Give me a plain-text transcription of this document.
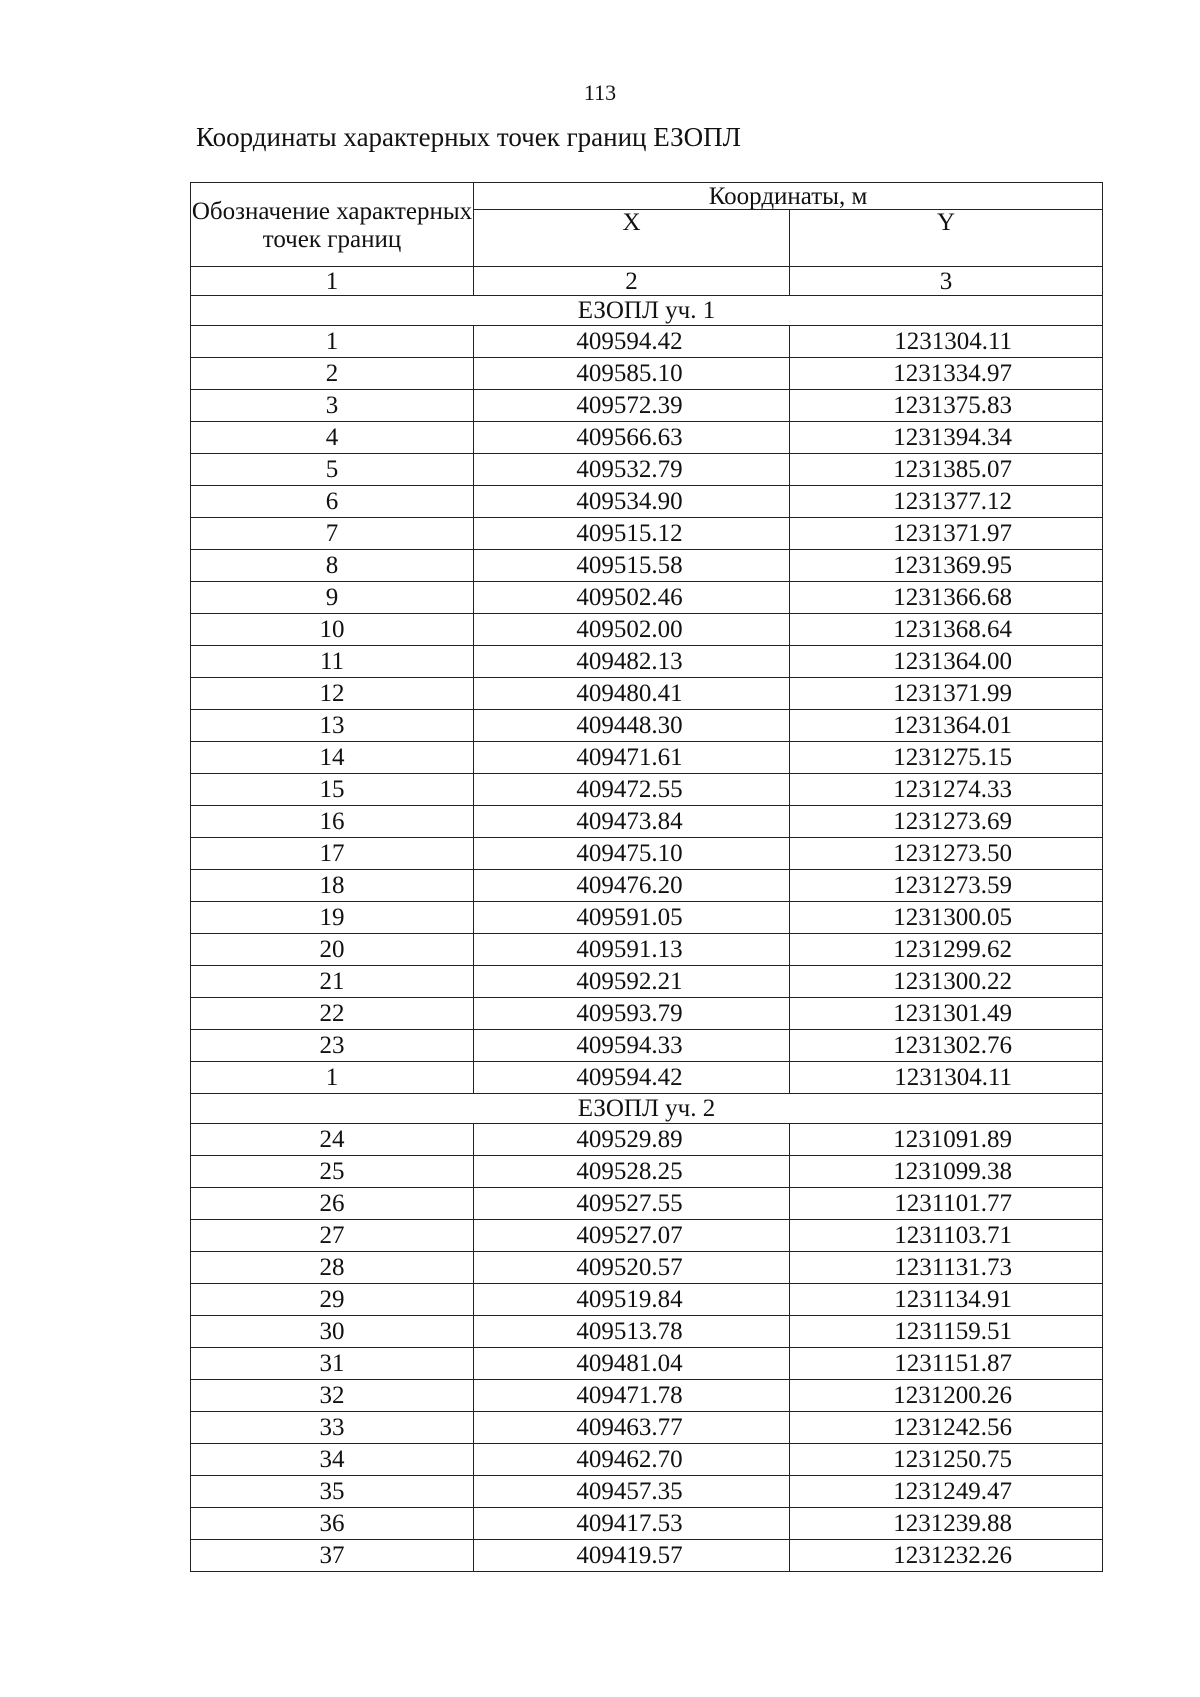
113
Координаты характерных точек границ ЕЗОПЛ
Обозначение характерных точек границ	Координаты, м	
	X	Y
1	2	3
ЕЗОПЛ уч. 1		
1	409594.42	1231304.11
2	409585.10	1231334.97
3	409572.39	1231375.83
4	409566.63	1231394.34
5	409532.79	1231385.07
6	409534.90	1231377.12
7	409515.12	1231371.97
8	409515.58	1231369.95
9	409502.46	1231366.68
10	409502.00	1231368.64
11	409482.13	1231364.00
12	409480.41	1231371.99
13	409448.30	1231364.01
14	409471.61	1231275.15
15	409472.55	1231274.33
16	409473.84	1231273.69
17	409475.10	1231273.50
18	409476.20	1231273.59
19	409591.05	1231300.05
20	409591.13	1231299.62
21	409592.21	1231300.22
22	409593.79	1231301.49
23	409594.33	1231302.76
1	409594.42	1231304.11
ЕЗОПЛ уч. 2		
24	409529.89	1231091.89
25	409528.25	1231099.38
26	409527.55	1231101.77
27	409527.07	1231103.71
28	409520.57	1231131.73
29	409519.84	1231134.91
30	409513.78	1231159.51
31	409481.04	1231151.87
32	409471.78	1231200.26
33	409463.77	1231242.56
34	409462.70	1231250.75
35	409457.35	1231249.47
36	409417.53	1231239.88
37	409419.57	1231232.26
